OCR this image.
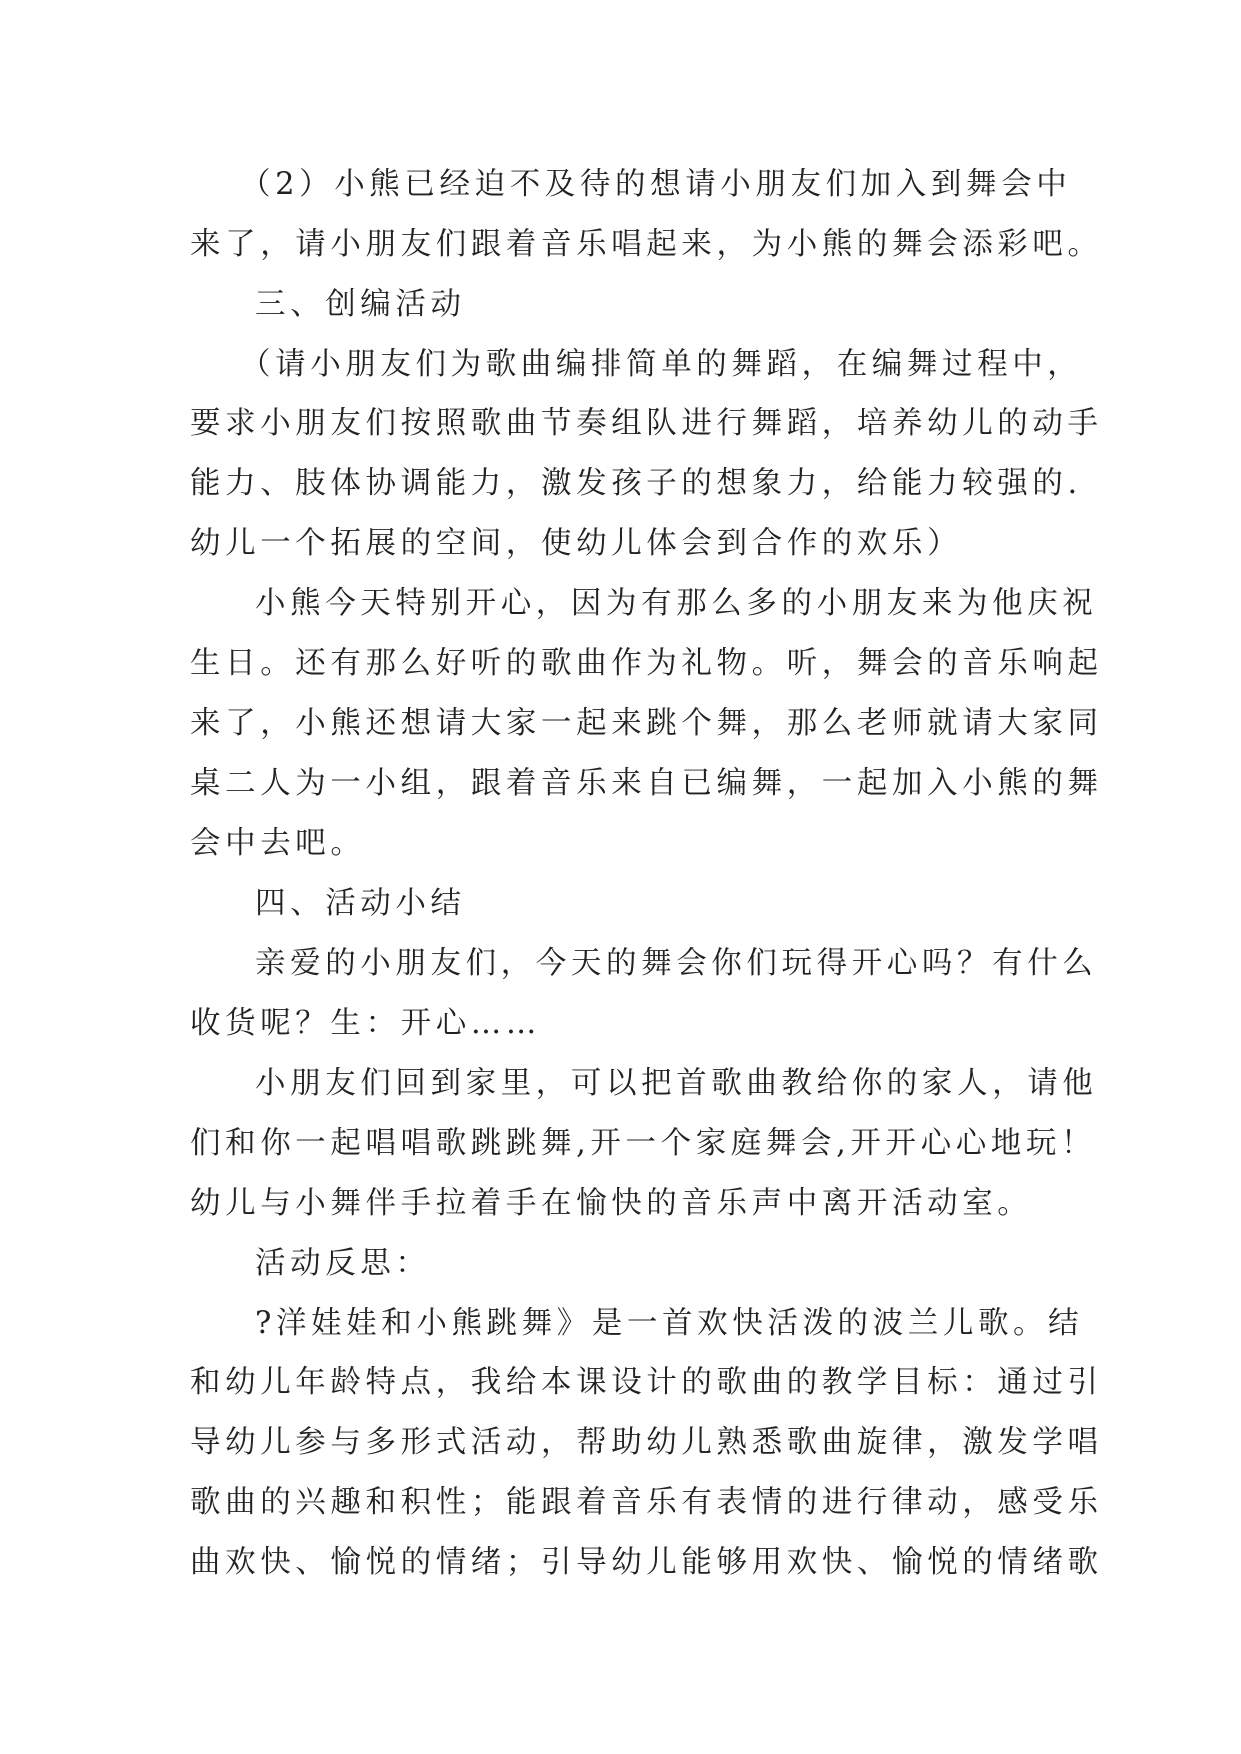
（2）小熊已经迫不及待的想请小朋友们加入到舞会中
来了，请小朋友们跟着音乐唱起来，为小熊的舞会添彩吧。
三、创编活动
（请小朋友们为歌曲编排简单的舞蹈，在编舞过程中，
要求小朋友们按照歌曲节奏组队进行舞蹈，培养幼儿的动手
能力、肢体协调能力，激发孩子的想象力，给能力较强的.
幼儿一个拓展的空间，使幼儿体会到合作的欢乐）
小熊今天特别开心，因为有那么多的小朋友来为他庆祝
生日。还有那么好听的歌曲作为礼物。听，舞会的音乐响起
来了，小熊还想请大家一起来跳个舞，那么老师就请大家同
桌二人为一小组，跟着音乐来自已编舞，一起加入小熊的舞
会中去吧。
四、活动小结
亲爱的小朋友们，今天的舞会你们玩得开心吗？有什么
收货呢？生：开心……
小朋友们回到家里，可以把首歌曲教给你的家人，请他
们和你一起唱唱歌跳跳舞,开一个家庭舞会,开开心心地玩！
幼儿与小舞伴手拉着手在愉快的音乐声中离开活动室。
活动反思：
?洋娃娃和小熊跳舞》是一首欢快活泼的波兰儿歌。结
和幼儿年龄特点，我给本课设计的歌曲的教学目标：通过引
导幼儿参与多形式活动，帮助幼儿熟悉歌曲旋律，激发学唱
歌曲的兴趣和积性；能跟着音乐有表情的进行律动，感受乐
曲欢快、愉悦的情绪；引导幼儿能够用欢快、愉悦的情绪歌
